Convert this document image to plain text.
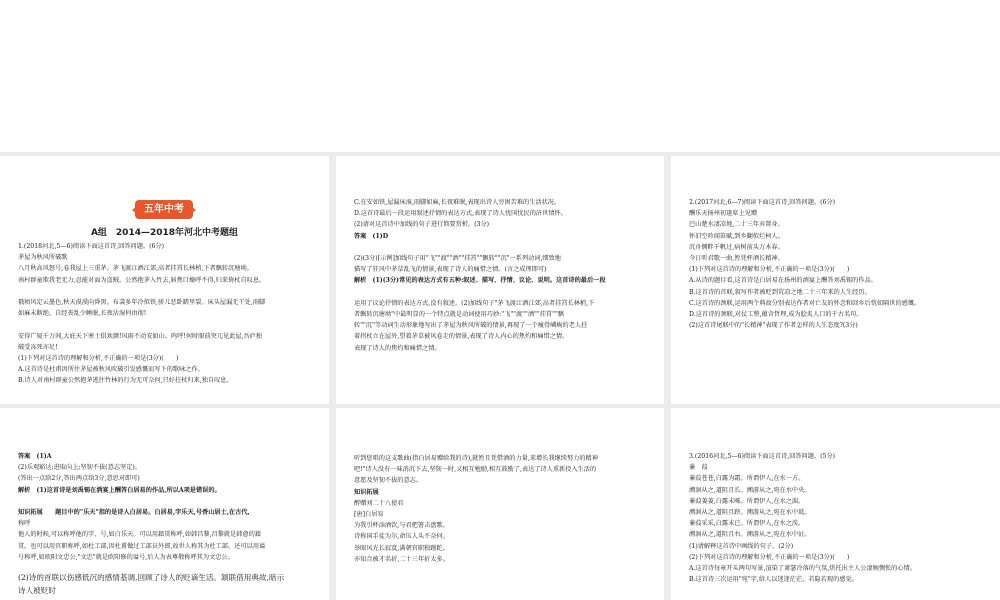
五年中考
A组　2014—2018年河北中考题组
1.(2018河北,5—6)阅读下面这首诗,回答问题。(6分)
茅屋为秋风所破歌
八月秋高风怒号,卷我屋上三重茅。茅飞渡江洒江郊,高者挂罥长林梢,下者飘转沉塘坳。
南村群童欺我老无力,忍能对面为盗贼。公然抱茅入竹去,唇焦口燥呼不得,归来倚杖自叹息。
俄顷风定云墨色,秋天漠漠向昏黑。布衾多年冷似铁,骄儿恶卧踏里裂。床头屋漏无干处,雨脚
如麻未断绝。自经丧乱少睡眠,长夜沾湿何由彻!
安得广厦千万间,大庇天下寒士俱欢颜!风雨不动安如山。呜呼!何时眼前突兀见此屋,吾庐独
破受冻死亦足!
(1)下列对这首诗的理解和分析,不正确的一项是(3分)(　　)
A.这首诗是杜甫因所住茅屋被秋风吹破引发感慨而写下的歌咏之作。
B.诗人对南村群童公然抱茅逃往竹林的行为无可奈何,只好拄杖归来,独自叹息。
C.在安如铁,屋漏床湿,雨脚如麻,长夜难眠,表现出诗人穷困苦难的生活状况。
D.这首诗最后一段运用叙述抒情的表达方式,表现了诗人忧国忧民的济世情怀。
(2)请对这首诗中加线的句子进行简要赏析。(3分)
答案　(1)D
(2)(3分)[示例]加线句子用"飞""渡""洒""挂罥""飘转""沉"一系列动词,细致地
描写了狂风中茅草乱飞的情景,表现了诗人的痛惜之情。(言之成理即可)
解析　(1)(3分)常见的表达方式有五种:叙述、描写、抒情、议论、说明。这首诗的最后一段
运用了议论抒情的表达方式,没有叙述。(2)加线句子"茅飞渡江洒江郊,高者挂罥长林梢,下
者飘转沉塘坳"中最明显的一个特点就是动词使用巧妙:"飞""渡""洒""挂罥""飘
转""沉"等动词生动形象地写出了茅屋为秋风所破的情景,再现了一个瘦骨嶙峋的老人拄
着拐杖立在屋外,望着茅草被风卷走的情景,表现了诗人内心的焦灼和痛惜之情。
表现了诗人的焦灼和痛惜之情。
2.(2017河北,6—7)阅读下面这首诗,回答问题。(6分)
酬乐天扬州初逢席上见赠
巴山楚水凄凉地,二十三年弃置身。
怀旧空吟闻笛赋,到乡翻似烂柯人。
沉舟侧畔千帆过,病树前头万木春。
今日听君歌一曲,暂凭杯酒长精神。
(1)下列对这首诗的理解和分析,不正确的一项是(3分)(　　)
A.从诗的题目看,这首诗是白居易在扬州的酒宴上酬答刘禹锡的作品。
B.这首诗的首联,叙写作者被贬到荒凉之地二十三年来的人生经历。
C.这首诗的颈联,运用两个典故分别表达作者对亡友的怀念和回乡后恍如隔世的感慨。
D.这首诗的颈联,对仗工整,蕴含哲理,成为脍炙人口的千古名句。
(2)这首诗尾联中的"长精神"表现了作者怎样的人生态度?(3分)
答案　(1)A
(2)乐观豁达;进取向上;坚韧不拔(意志坚定)。
(答出一点给2分,答出两点给3分,意思对即可)
解析　(1)这首诗是刘禹锡在酒宴上酬答白居易的作品,所以A项是错误的。
知识拓展　　题目中的"乐天"指的是诗人白居易。白居易,字乐天,号香山居士,在古代,
称呼
他人的时候,可以称呼他的字、号,如白乐天。可以用籍贯称呼,如韩昌黎,昌黎就是韩愈的籍
贯。也可以用官职称呼,如杜工部,因杜甫做过工部员外郎,故世人称其为杜工部。还可以用谥
号称呼,如欧阳文忠公,"文忠"就是欧阳修的谥号,后人为表尊敬称呼其为文忠公。
(2)诗的首联以伤感低沉的感情基调,回顾了诗人的贬谪生活。颔联借用典故,暗示
诗人被贬时
听到您唱的这支歌曲(指白居易赠给我的诗),就暂且凭借酒的力量,来增长我继续努力的精神
吧!"诗人没有一味消沉下去,坚韧一时,又相互勉励,相互鼓励了,表达了诗人重新投入生活的
意愿及坚韧不拔的意志。
知识拓展
醉赠刘二十八使君
[唐]白居易
为我引杯添酒饮,与君把箸击盘歌。
诗称国手徒为尔,命压人头不奈何。
举眼风光长寂寞,满朝官职独蹉跎。
亦知合被才名折,二十三年折太多。
3.(2016河北,5—6)阅读下面这首诗,回答问题。(5分)
蒹　葭
蒹葭苍苍,白露为霜。所谓伊人,在水一方。
溯洄从之,道阻且长。溯游从之,宛在水中央。
蒹葭萋萋,白露未晞。所谓伊人,在水之湄。
溯洄从之,道阻且跻。溯游从之,宛在水中坻。
蒹葭采采,白露未已。所谓伊人,在水之涘。
溯洄从之,道阻且右。溯游从之,宛在水中沚。
(1)请解释这首诗中画线的句子。(2分)
(2)下列对这首诗的理解和分析,不正确的一项是(3分)(　　)
A.这首诗每章开头两句写景,渲染了萧瑟冷落的气氛,烘托出主人公凄婉惆怅的心情。
B.这首诗三次运用"宛"字,给人以迷迷茫茫、若隐若现的感觉。
